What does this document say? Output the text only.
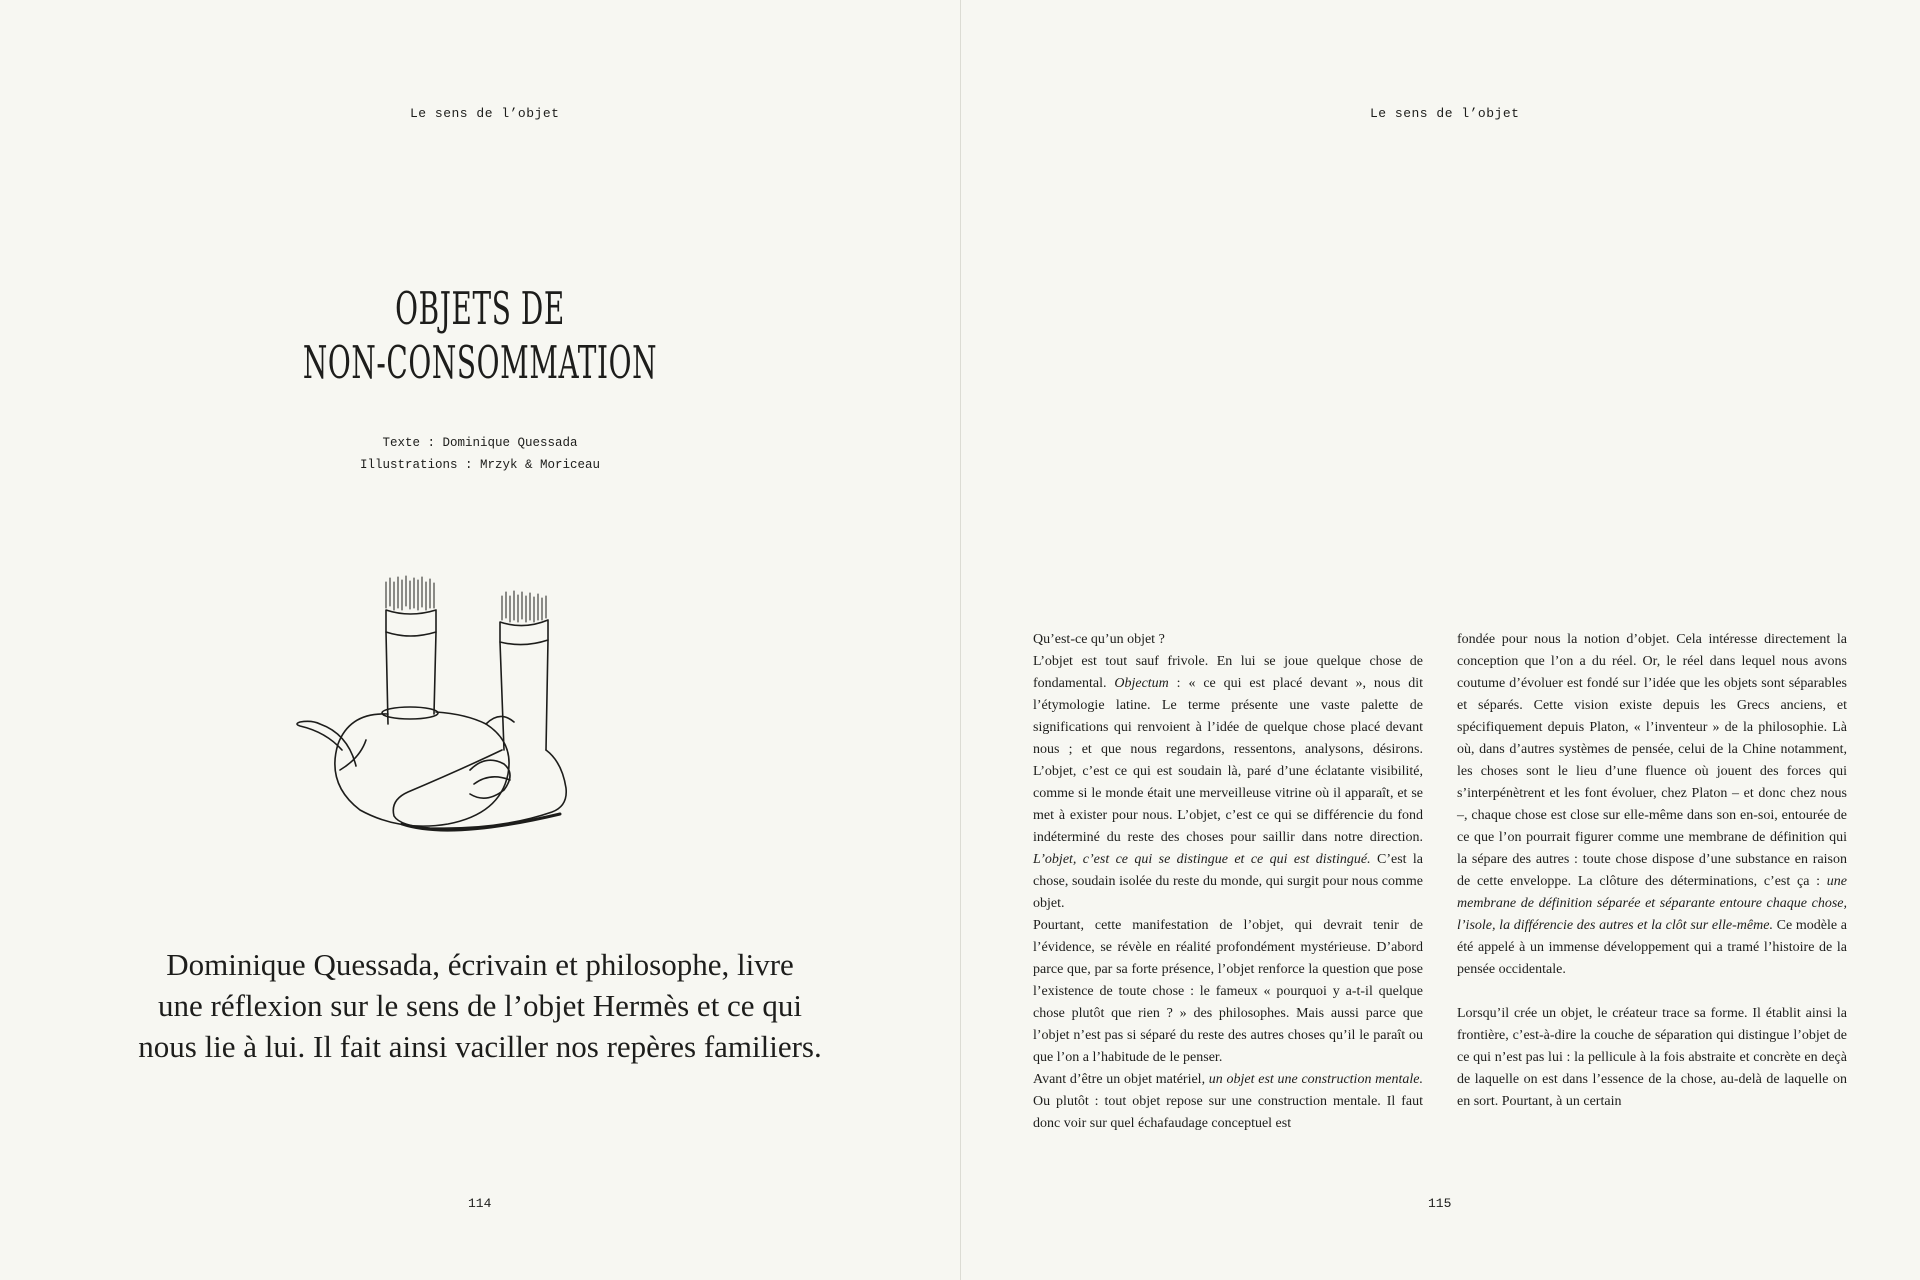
Le sens de l’objet
OBJETS DE
NON-CONSOMMATION
Texte : Dominique Quessada
Illustrations : Mrzyk & Moriceau
Dominique Quessada, écrivain et philosophe, livre
une réflexion sur le sens de l’objet Hermès et ce qui
nous lie à lui. Il fait ainsi vaciller nos repères familiers.
114
Le sens de l’objet

Qu’est-ce qu’un objet ?

L’objet est tout sauf frivole. En lui se joue quelque chose de fondamental. Objectum : « ce qui est placé devant », nous dit l’étymologie latine. Le terme présente une vaste palette de significations qui renvoient à l’idée de quelque chose placé devant nous ; et que nous regardons, ressentons, analysons, désirons. L’objet, c’est ce qui est soudain là, paré d’une éclatante visibilité, comme si le monde était une merveilleuse vitrine où il apparaît, et se met à exister pour nous. L’objet, c’est ce qui se différencie du fond indéterminé du reste des choses pour saillir dans notre direction. L’objet, c’est ce qui se distingue et ce qui est distingué. C’est la chose, soudain isolée du reste du monde, qui surgit pour nous comme objet.

Pourtant, cette manifestation de l’objet, qui devrait tenir de l’évidence, se révèle en réalité profondément mystérieuse. D’abord parce que, par sa forte présence, l’objet renforce la question que pose l’existence de toute chose : le fameux « pourquoi y a-t-il quelque chose plutôt que rien ? » des philosophes. Mais aussi parce que l’objet n’est pas si séparé du reste des autres choses qu’il le paraît ou que l’on a l’habitude de le penser.

Avant d’être un objet matériel, un objet est une construction mentale. Ou plutôt : tout objet repose sur une construction mentale. Il faut donc voir sur quel échafaudage conceptuel est

fondée pour nous la notion d’objet. Cela intéresse directement la conception que l’on a du réel. Or, le réel dans lequel nous avons coutume d’évoluer est fondé sur l’idée que les objets sont séparables et séparés. Cette vision existe depuis les Grecs anciens, et spécifiquement depuis Platon, « l’inventeur » de la philosophie. Là où, dans d’autres systèmes de pensée, celui de la Chine notamment, les choses sont le lieu d’une fluence où jouent des forces qui s’interpénètrent et les font évoluer, chez Platon – et donc chez nous –, chaque chose est close sur elle-même dans son en-soi, entourée de ce que l’on pourrait figurer comme une membrane de définition qui la sépare des autres : toute chose dispose d’une substance en raison de cette enveloppe. La clôture des déterminations, c’est ça : une membrane de définition séparée et séparante entoure chaque chose, l’isole, la différencie des autres et la clôt sur elle-même. Ce modèle a été appelé à un immense développement qui a tramé l’histoire de la pensée occidentale.

Lorsqu’il crée un objet, le créateur trace sa forme. Il établit ainsi la frontière, c’est-à-dire la couche de séparation qui distingue l’objet de ce qui n’est pas lui : la pellicule à la fois abstraite et concrète en deçà de laquelle on est dans l’essence de la chose, au-delà de laquelle on en sort. Pourtant, à un certain

115
